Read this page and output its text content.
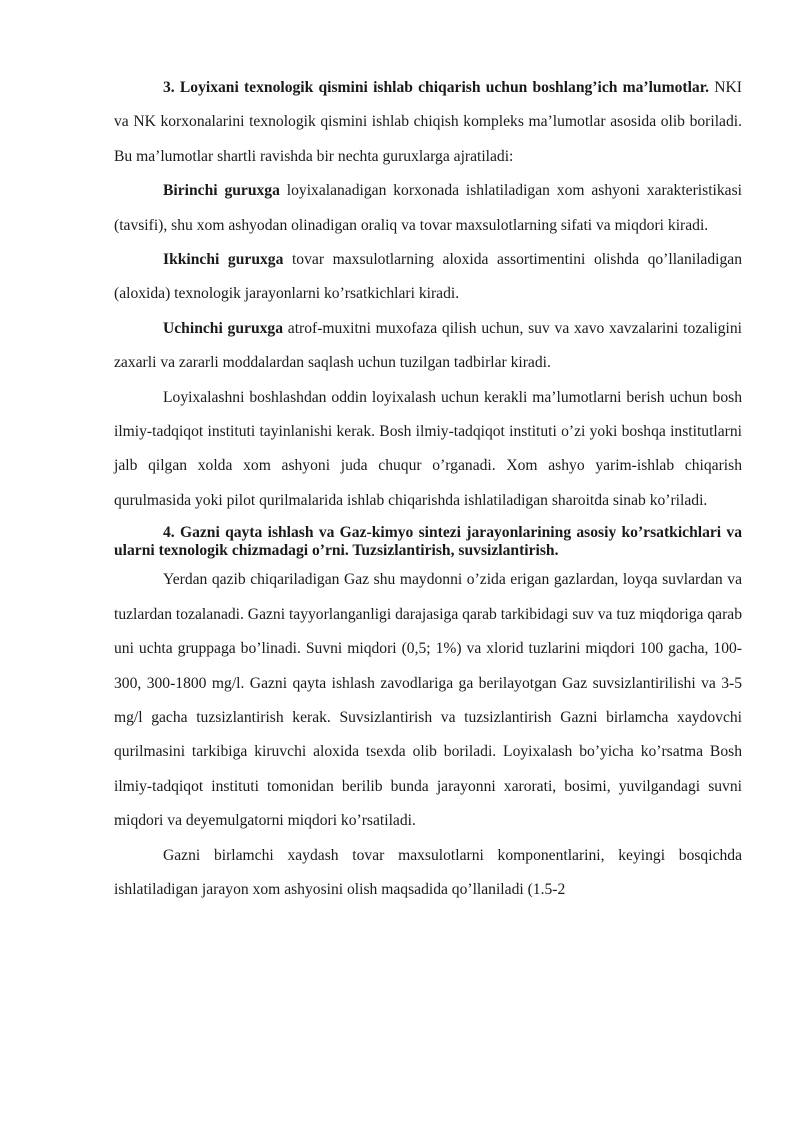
3. Loyixani texnologik qismini ishlab chiqarish uchun boshlang’ich ma’lumotlar. NKI va NK korxonalarini texnologik qismini ishlab chiqish kompleks ma’lumotlar asosida olib boriladi. Bu ma’lumotlar shartli ravishda bir nechta guruxlarga ajratiladi:

Birinchi guruxga loyixalanadigan korxonada ishlatiladigan xom ashyoni xarakteristikasi (tavsifi), shu xom ashyodan olinadigan oraliq va tovar maxsulotlarning sifati va miqdori kiradi.

Ikkinchi guruxga tovar maxsulotlarning aloxida assortimentini olishda qo’llaniladigan (aloxida) texnologik jarayonlarni ko’rsatkichlari kiradi.

Uchinchi guruxga atrof-muxitni muxofaza qilish uchun, suv va xavo xavzalarini tozaligini zaxarli va zararli moddalardan saqlash uchun tuzilgan tadbirlar kiradi.

Loyixalashni boshlashdan oddin loyixalash uchun kerakli ma’lumotlarni berish uchun bosh ilmiy-tadqiqot instituti tayinlanishi kerak. Bosh ilmiy-tadqiqot instituti o’zi yoki boshqa institutlarni jalb qilgan xolda xom ashyoni juda chuqur o’rganadi. Xom ashyo yarim-ishlab chiqarish qurulmasida yoki pilot qurilmalarida ishlab chiqarishda ishlatiladigan sharoitda sinab ko’riladi.

4. Gazni qayta ishlash va Gaz-kimyo sintezi jarayonlarining asosiy ko’rsatkichlari va ularni texnologik chizmadagi o’rni. Tuzsizlantirish, suvsizlantirish.

Yerdan qazib chiqariladigan Gaz shu maydonni o’zida erigan gazlardan, loyqa suvlardan va tuzlardan tozalanadi. Gazni tayyorlanganligi darajasiga qarab tarkibidagi suv va tuz miqdoriga qarab uni uchta gruppaga bo’linadi. Suvni miqdori (0,5; 1%) va xlorid tuzlarini miqdori 100 gacha, 100-300, 300-1800 mg/l. Gazni qayta ishlash zavodlariga ga berilayotgan Gaz suvsizlantirilishi va 3-5 mg/l gacha tuzsizlantirish kerak. Suvsizlantirish va tuzsizlantirish Gazni birlamcha xaydovchi qurilmasini tarkibiga kiruvchi aloxida tsexda olib boriladi. Loyixalash bo’yicha ko’rsatma Bosh ilmiy-tadqiqot instituti tomonidan berilib bunda jarayonni xarorati, bosimi, yuvilgandagi suvni miqdori va deyemulgatorni miqdori ko’rsatiladi.

Gazni birlamchi xaydash tovar maxsulotlarni komponentlarini, keyingi bosqichda ishlatiladigan jarayon xom ashyosini olish maqsadida qo’llaniladi (1.5-2
